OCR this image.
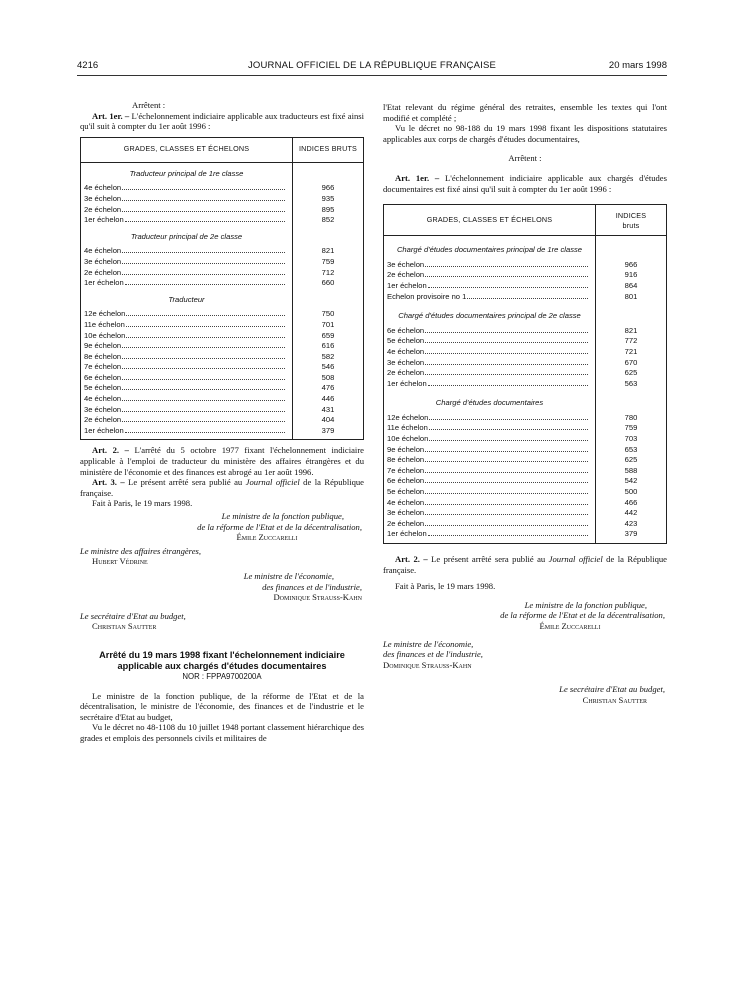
4216	JOURNAL OFFICIEL DE LA RÉPUBLIQUE FRANÇAISE	20 mars 1998

Arrêtent :

Art. 1er. – L'échelonnement indiciaire applicable aux traducteurs est fixé ainsi qu'il suit à compter du 1er août 1996 :

GRADES, CLASSES ET ÉCHELONS	INDICES BRUTS
Traducteur principal de 1re classe	

4e échelon	966

3e échelon	935

2e échelon	895

1er échelon	852
Traducteur principal de 2e classe	

4e échelon	821

3e échelon	759

2e échelon	712

1er échelon	660
Traducteur	

12e échelon	750

11e échelon	701

10e échelon	659

9e échelon	616

8e échelon	582

7e échelon	546

6e échelon	508

5e échelon	476

4e échelon	446

3e échelon	431

2e échelon	404

1er échelon	379

Art. 2. – L'arrêté du 5 octobre 1977 fixant l'échelonnement indiciaire applicable à l'emploi de traducteur du ministère des affaires étrangères et du ministère de l'économie et des finances est abrogé au 1er août 1996.

Art. 3. – Le présent arrêté sera publié au Journal officiel de la République française.

Fait à Paris, le 19 mars 1998.

Le ministre de la fonction publique,

de la réforme de l'Etat et de la décentralisation,

Émile Zuccarelli

Le ministre des affaires étrangères,

Hubert Védrine

Le ministre de l'économie,

des finances et de l'industrie,

Dominique Strauss-Kahn

Le secrétaire d'Etat au budget,

Christian Sautter

Arrêté du 19 mars 1998 fixant l'échelonnement indiciaire applicable aux chargés d'études documentaires

NOR : FPPA9700200A

Le ministre de la fonction publique, de la réforme de l'Etat et de la décentralisation, le ministre de l'économie, des finances et de l'industrie et le secrétaire d'Etat au budget,

Vu le décret no 48-1108 du 10 juillet 1948 portant classement hiérarchique des grades et emplois des personnels civils et militaires de

l'Etat relevant du régime général des retraites, ensemble les textes qui l'ont modifié et complété ;

Vu le décret no 98-188 du 19 mars 1998 fixant les dispositions statutaires applicables aux corps de chargés d'études documentaires,

Arrêtent :

Art. 1er. – L'échelonnement indiciaire applicable aux chargés d'études documentaires est fixé ainsi qu'il suit à compter du 1er août 1996 :

GRADES, CLASSES ET ÉCHELONS	INDICES
bruts

Chargé d'études documentaires principal de 1re classe	

3e échelon	966

2e échelon	916

1er échelon	864

Echelon provisoire no 1	801
Chargé d'études documentaires principal de 2e classe	

6e échelon	821

5e échelon	772

4e échelon	721

3e échelon	670

2e échelon	625

1er échelon	563
Chargé d'études documentaires	

12e échelon	780

11e échelon	759

10e échelon	703

9e échelon	653

8e échelon	625

7e échelon	588

6e échelon	542

5e échelon	500

4e échelon	466

3e échelon	442

2e échelon	423

1er échelon	379

Art. 2. – Le présent arrêté sera publié au Journal officiel de la République française.

Fait à Paris, le 19 mars 1998.

Le ministre de la fonction publique,

de la réforme de l'Etat et de la décentralisation,

Émile Zuccarelli

Le ministre de l'économie,

des finances et de l'industrie,

Dominique Strauss-Kahn

Le secrétaire d'Etat au budget,

Christian Sautter
